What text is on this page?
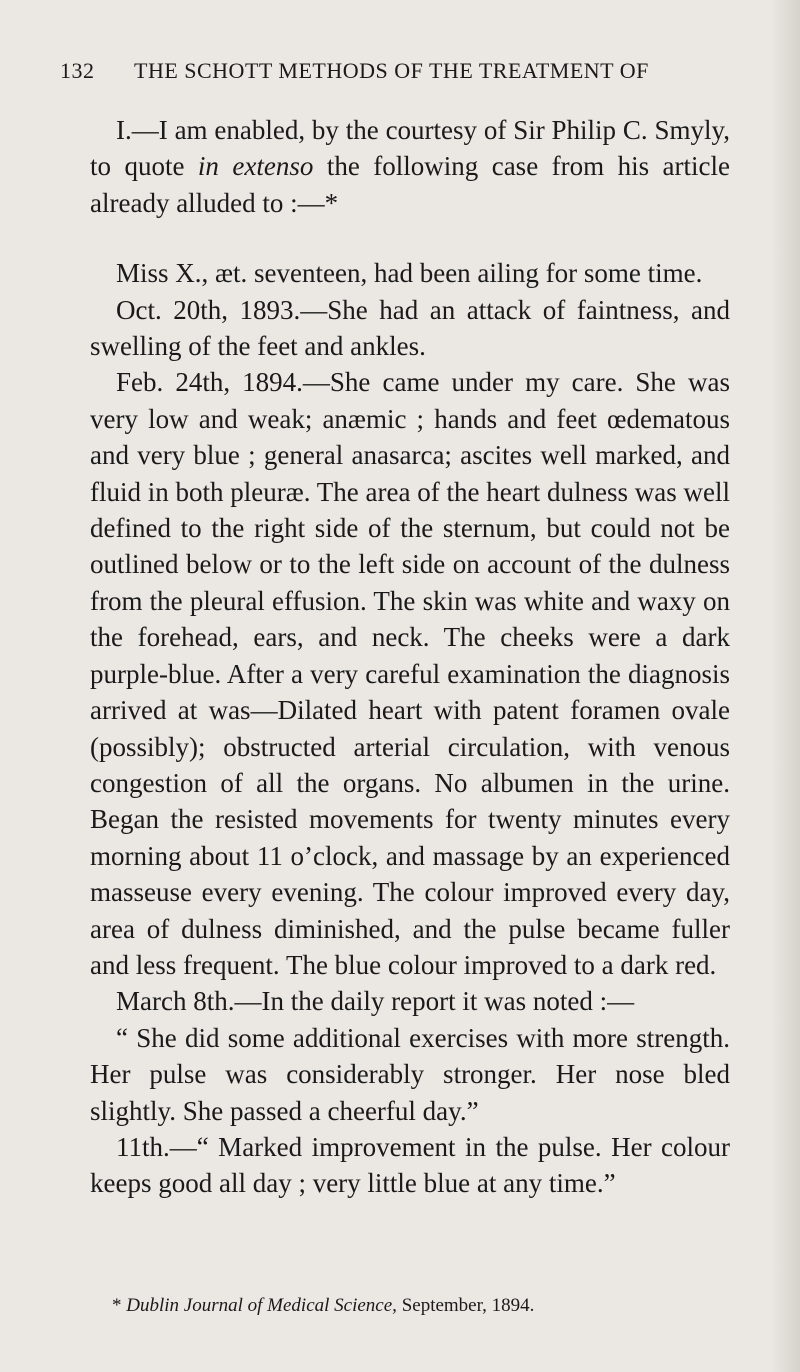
132 THE SCHOTT METHODS OF THE TREATMENT OF

I.—I am enabled, by the courtesy of Sir Philip C. Smyly, to quote in extenso the following case from his article already alluded to :—*

Miss X., æt. seventeen, had been ailing for some time.

Oct. 20th, 1893.—She had an attack of faintness, and swelling of the feet and ankles.

Feb. 24th, 1894.—She came under my care. She was very low and weak; anæmic ; hands and feet œdematous and very blue ; general anasarca; ascites well marked, and fluid in both pleuræ. The area of the heart dulness was well defined to the right side of the sternum, but could not be outlined below or to the left side on account of the dulness from the pleural effusion. The skin was white and waxy on the forehead, ears, and neck. The cheeks were a dark purple-blue. After a very careful examination the diagnosis arrived at was—Dilated heart with patent foramen ovale (possibly); obstructed arterial circulation, with venous congestion of all the organs. No albumen in the urine. Began the resisted movements for twenty minutes every morning about 11 o’clock, and massage by an experienced masseuse every evening. The colour improved every day, area of dulness diminished, and the pulse became fuller and less frequent. The blue colour improved to a dark red.

March 8th.—In the daily report it was noted :—

“ She did some additional exercises with more strength. Her pulse was considerably stronger. Her nose bled slightly. She passed a cheerful day.”

11th.—“ Marked improvement in the pulse. Her colour keeps good all day ; very little blue at any time.”

* Dublin Journal of Medical Science, September, 1894.
